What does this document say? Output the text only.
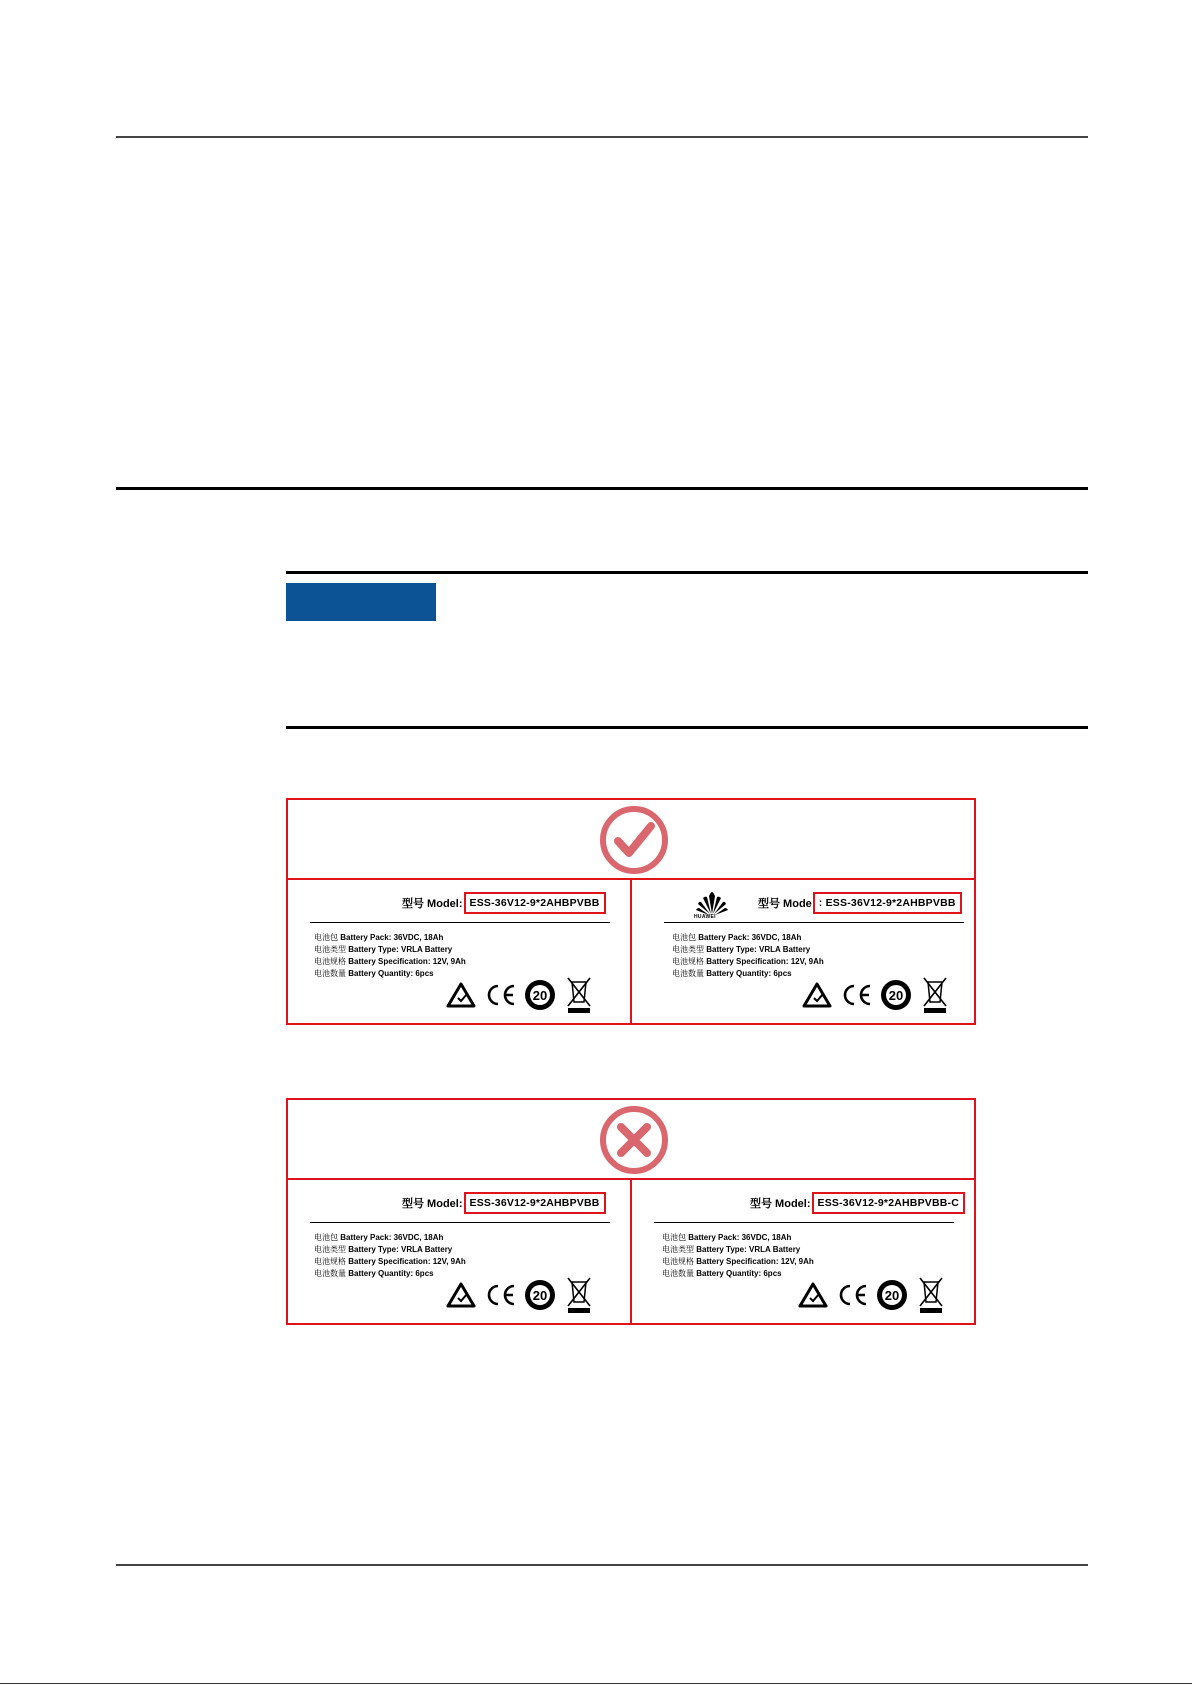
型号 Model: ESS-36V12-9*2AHBPVBB
电池包 Battery Pack: 36VDC, 18Ah
电池类型 Battery Type: VRLA Battery
电池规格 Battery Specification: 12V, 9Ah
电池数量 Battery Quantity: 6pcs
20
HUAWEI
型号 Mode : ESS-36V12-9*2AHBPVBB
电池包 Battery Pack: 36VDC, 18Ah
电池类型 Battery Type: VRLA Battery
电池规格 Battery Specification: 12V, 9Ah
电池数量 Battery Quantity: 6pcs
20
型号 Model: ESS-36V12-9*2AHBPVBB
电池包 Battery Pack: 36VDC, 18Ah
电池类型 Battery Type: VRLA Battery
电池规格 Battery Specification: 12V, 9Ah
电池数量 Battery Quantity: 6pcs
20
型号 Model: ESS-36V12-9*2AHBPVBB-C
电池包 Battery Pack: 36VDC, 18Ah
电池类型 Battery Type: VRLA Battery
电池规格 Battery Specification: 12V, 9Ah
电池数量 Battery Quantity: 6pcs
20
